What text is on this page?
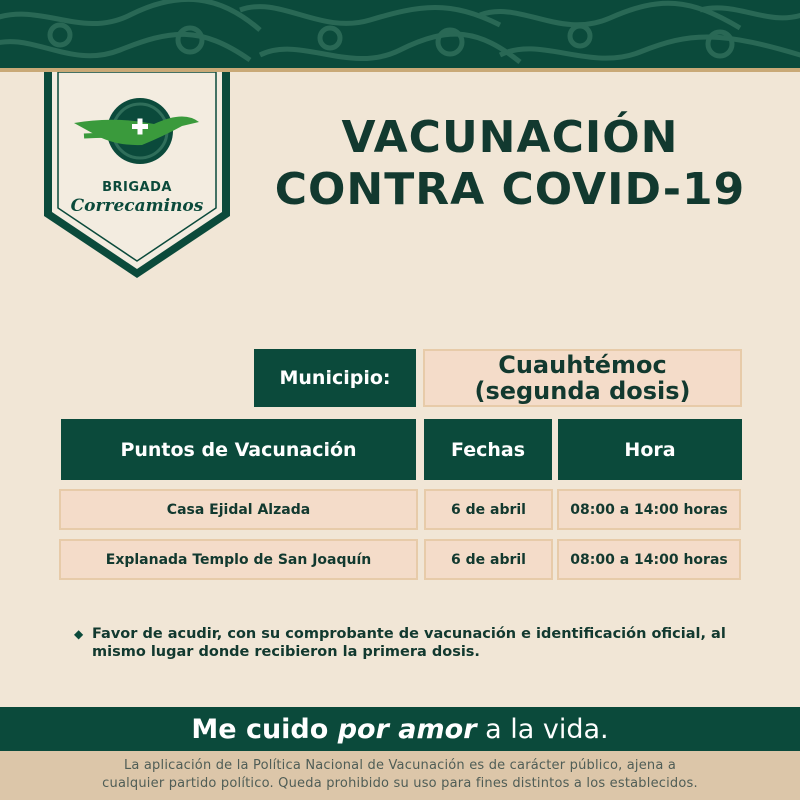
BRIGADA
Correcaminos
VACUNACIÓN
CONTRA COVID-19
Municipio:	Cuauhtémoc
(segunda dosis)
Puntos de Vacunación	Fechas	Hora
Casa Ejidal Alzada	6 de abril	08:00 a 14:00 horas
Explanada Templo de San Joaquín	6 de abril	08:00 a 14:00 horas
◆ Favor de acudir, con su comprobante de vacunación e identificación oficial, al mismo lugar donde recibieron la primera dosis.
Me cuido por amor a la vida.
La aplicación de la Política Nacional de Vacunación es de carácter público, ajena a
cualquier partido político. Queda prohibido su uso para fines distintos a los establecidos.
